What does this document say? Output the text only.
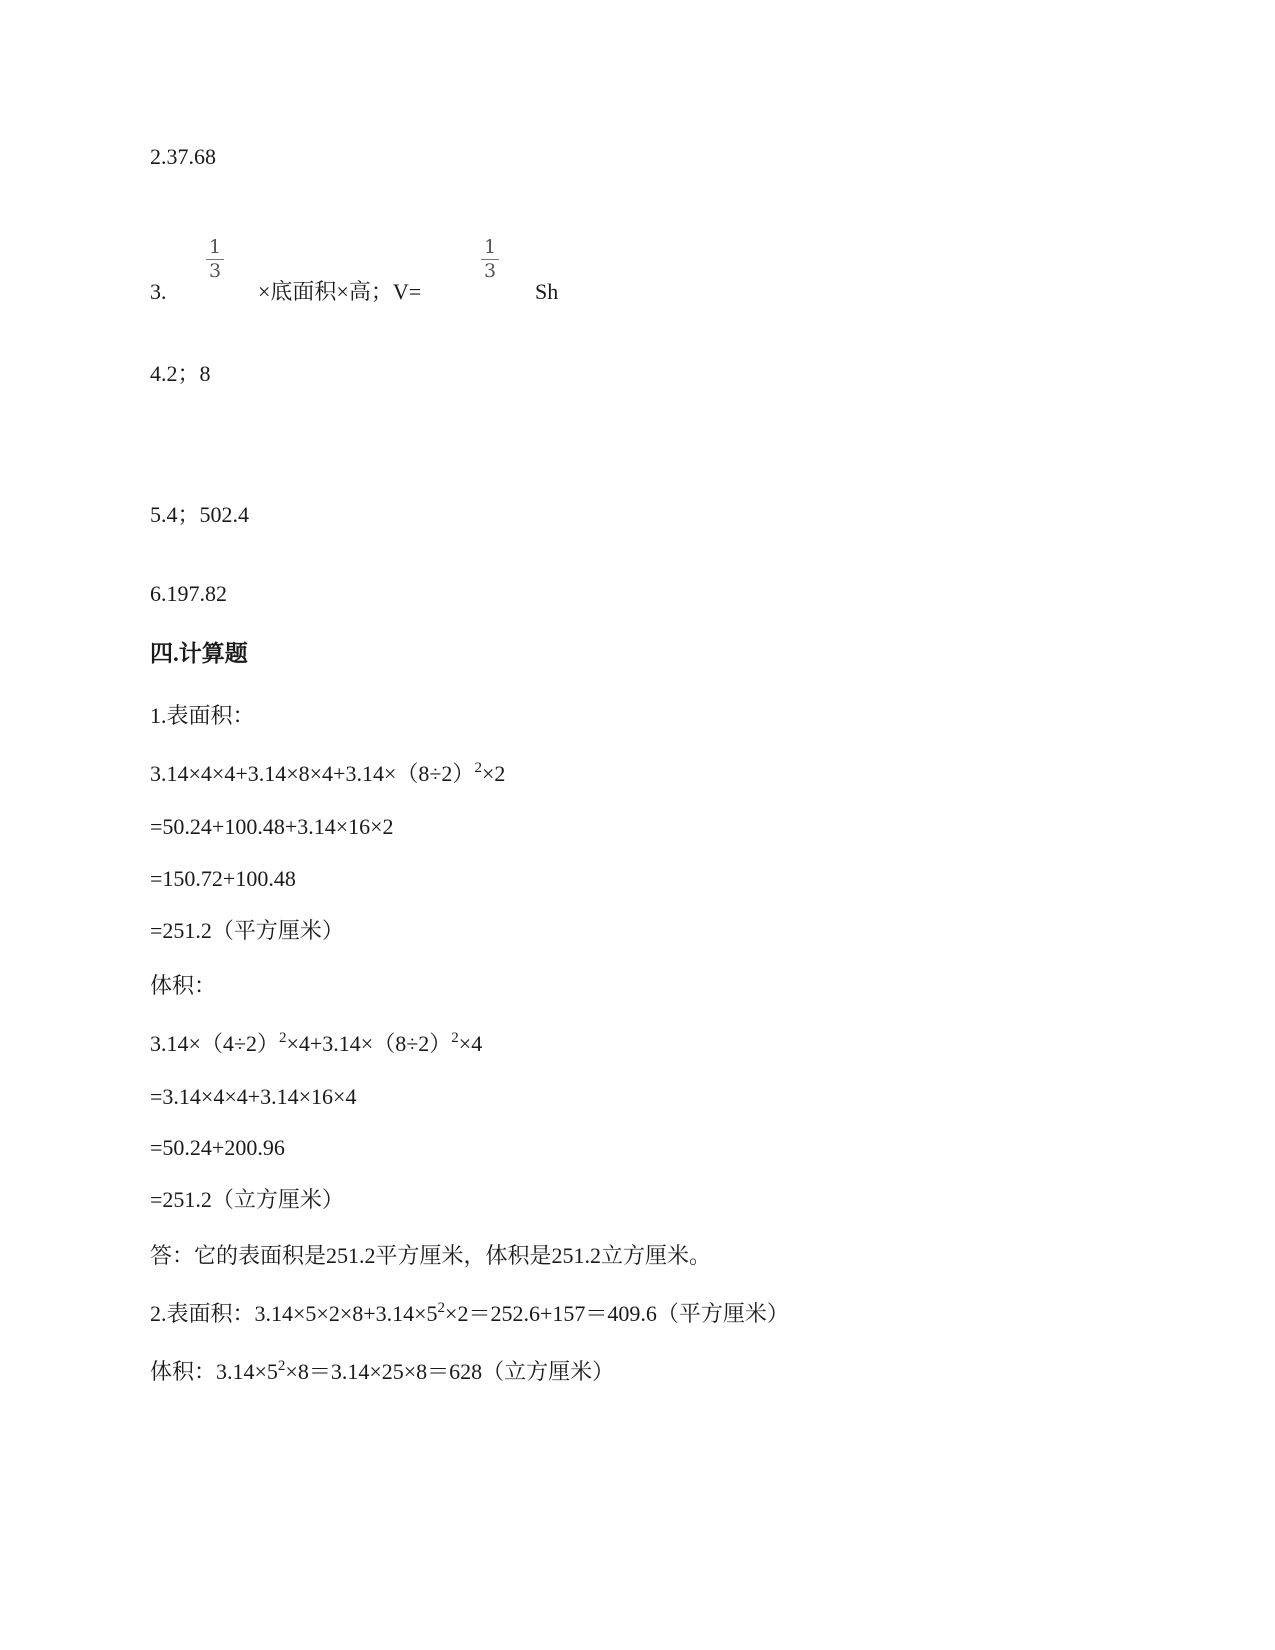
2.37.68
3.
1
3
×底面积×高；V=
1
3
Sh
4.2；8
5.4；502.4
6.197.82
四.计算题
1.表面积：
$3.14\times 4\times 4+3.14\times 8\times 4+3.14\times(8\div 2)^2\times 2$
=50.24+100.48+3.14×16×2
=150.72+100.48
=251.2（平方厘米）
体积：
$3.14\times(4\div 2)^2\times 4+3.14\times(8\div 2)^2\times 4$
=3.14×4×4+3.14×16×4
=50.24+200.96
=251.2（立方厘米）
答：它的表面积是251.2平方厘米，体积是251.2立方厘米。
2.表面积：$3.14\times 5\times 2\times 8+3.14\times 5^2\times 2=252.6+157=409.6$（平方厘米）
体积：$3.14\times 5^2\times 8=3.14\times 25\times 8=628$（立方厘米）
